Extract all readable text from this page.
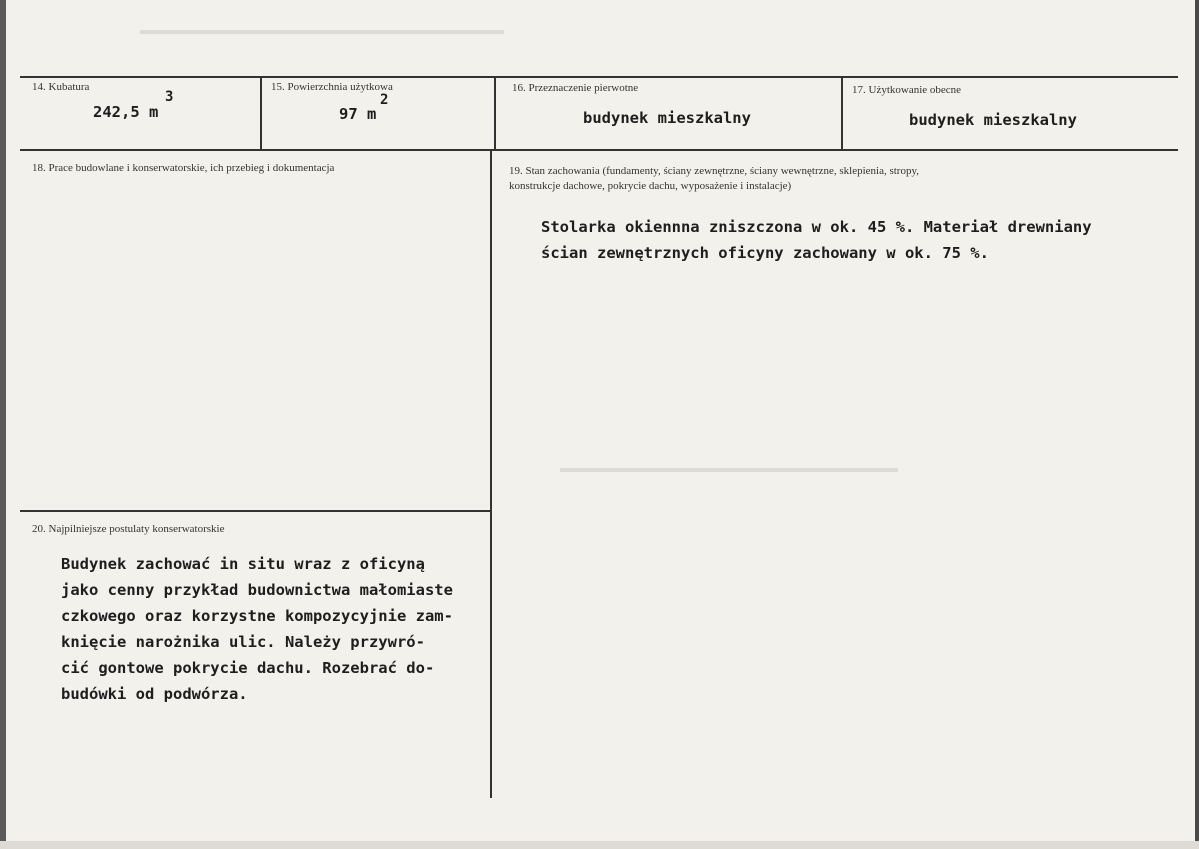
▬▬▬▬▬▬▬▬▬▬▬▬▬▬▬▬▬▬▬▬▬▬▬▬▬▬▬▬
▬▬▬▬▬▬▬▬▬▬▬▬▬▬▬▬▬▬▬▬▬▬▬▬▬▬
14. Kubatura
242,5 m
3
15. Powierzchnia użytkowa
97 m
2
16. Przeznaczenie pierwotne
budynek mieszkalny
17. Użytkowanie obecne
budynek mieszkalny
18. Prace budowlane i konserwatorskie, ich przebieg i dokumentacja	19. Stan zachowania (fundamenty, ściany zewnętrzne, ściany wewnętrzne, sklepienia, stropy,
konstrukcje dachowe, pokrycie dachu, wyposażenie i instalacje)
Stolarka okiennna zniszczona w ok. 45 %. Materiał drewniany
ścian zewnętrznych oficyny zachowany w ok. 75 %.
20. Najpilniejsze postulaty konserwatorskie
Budynek zachować in situ wraz z oficyną
jako cenny przykład budownictwa małomiaste
czkowego oraz korzystne kompozycyjnie zam-
knięcie narożnika ulic. Należy przywró-
cić gontowe pokrycie dachu. Rozebrać do-
budówki od podwórza.
